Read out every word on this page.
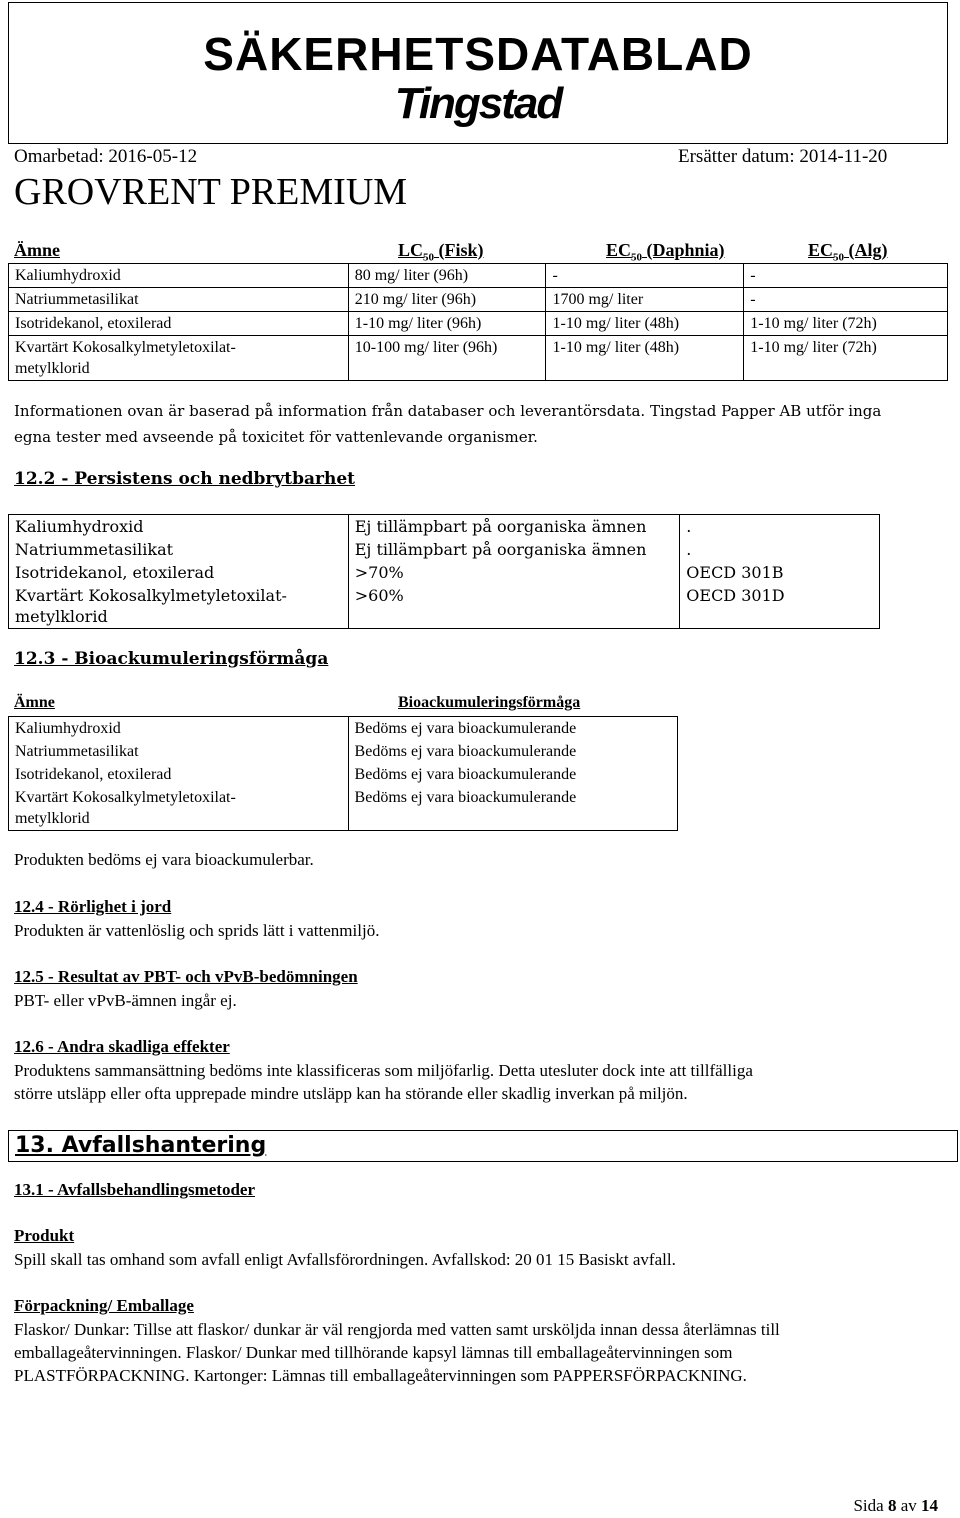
SÄKERHETSDATABLAD
Tingstad
Omarbetad: 2016-05-12	Ersätter datum: 2014-11-20
GROVRENT PREMIUM
Ämne	$LC_{50}$ (Fisk)	$EC_{50}$ (Daphnia)	$EC_{50}$ (Alg)
Kaliumhydroxid	80 mg/ liter (96h)	-	-
Natriummetasilikat	210 mg/ liter (96h)	1700 mg/ liter	-
Isotridekanol, etoxilerad	1-10 mg/ liter (96h)	1-10 mg/ liter (48h)	1-10 mg/ liter (72h)
Kvartärt Kokosalkylmetyletoxilat-
metylklorid	10-100 mg/ liter (96h)	1-10 mg/ liter (48h)	1-10 mg/ liter (72h)
Informationen ovan är baserad på information från databaser och leverantörsdata. Tingstad Papper AB utför inga
egna tester med avseende på toxicitet för vattenlevande organismer.
12.2 - Persistens och nedbrytbarhet
Kaliumhydroxid	Ej tillämpbart på oorganiska ämnen	.
Natriummetasilikat	Ej tillämpbart på oorganiska ämnen	.
Isotridekanol, etoxilerad	>70%	OECD 301B
Kvartärt Kokosalkylmetyletoxilat-
metylklorid	>60%	OECD 301D
12.3 - Bioackumuleringsförmåga
Ämne	Bioackumuleringsförmåga
Kaliumhydroxid	Bedöms ej vara bioackumulerande
Natriummetasilikat	Bedöms ej vara bioackumulerande
Isotridekanol, etoxilerad	Bedöms ej vara bioackumulerande
Kvartärt Kokosalkylmetyletoxilat-
metylklorid	Bedöms ej vara bioackumulerande
Produkten bedöms ej vara bioackumulerbar.
12.4 - Rörlighet i jord
Produkten är vattenlöslig och sprids lätt i vattenmiljö.
12.5 - Resultat av PBT- och vPvB-bedömningen
PBT- eller vPvB-ämnen ingår ej.
12.6 - Andra skadliga effekter
Produktens sammansättning bedöms inte klassificeras som miljöfarlig. Detta utesluter dock inte att tillfälliga
större utsläpp eller ofta upprepade mindre utsläpp kan ha störande eller skadlig inverkan på miljön.
13. Avfallshantering
13.1 - Avfallsbehandlingsmetoder
Produkt
Spill skall tas omhand som avfall enligt Avfallsförordningen. Avfallskod: 20 01 15 Basiskt avfall.
Förpackning/ Emballage
Flaskor/ Dunkar: Tillse att flaskor/ dunkar är väl rengjorda med vatten samt ursköljda innan dessa återlämnas till
emballageåtervinningen. Flaskor/ Dunkar med tillhörande kapsyl lämnas till emballageåtervinningen som
PLASTFÖRPACKNING. Kartonger: Lämnas till emballageåtervinningen som PAPPERSFÖRPACKNING.
Sida 8 av 14
